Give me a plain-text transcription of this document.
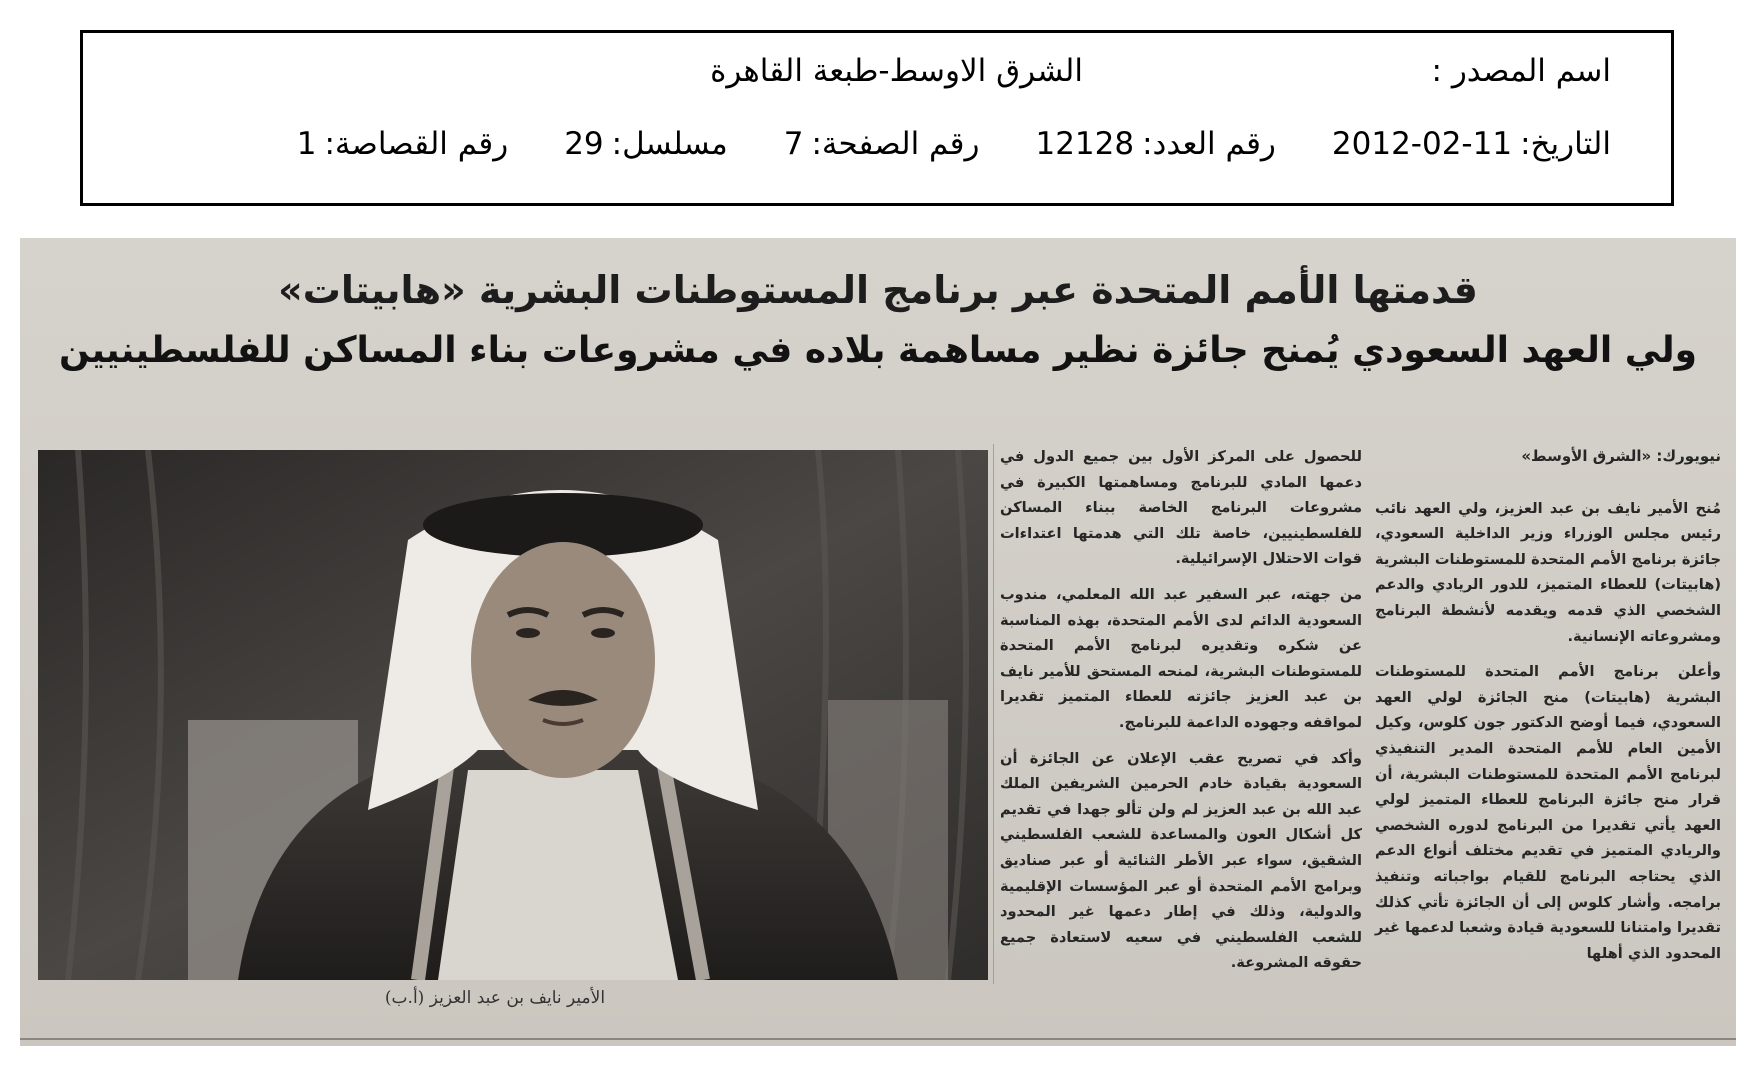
اسم المصدر :
الشرق الاوسط-طبعة القاهرة
التاريخ:
2012-02-11
رقم العدد:
12128
رقم الصفحة:
7
مسلسل:
29
رقم القصاصة:
1
قدمتها الأمم المتحدة عبر برنامج المستوطنات البشرية «هابيتات»
ولي العهد السعودي يُمنح جائزة نظير مساهمة بلاده في مشروعات بناء المساكن للفلسطينيين
الأمير نايف بن عبد العزيز (أ.ب)

نيويورك: «الشرق الأوسط»

مُنح الأمير نايف بن عبد العزيز، ولي العهد نائب رئيس مجلس الوزراء وزير الداخلية السعودي، جائزة برنامج الأمم المتحدة للمستوطنات البشرية (هابيتات) للعطاء المتميز، للدور الريادي والدعم الشخصي الذي قدمه ويقدمه لأنشطة البرنامج ومشروعاته الإنسانية.

وأعلن برنامج الأمم المتحدة للمستوطنات البشرية (هابيتات) منح الجائزة لولي العهد السعودي، فيما أوضح الدكتور جون كلوس، وكيل الأمين العام للأمم المتحدة المدير التنفيذي لبرنامج الأمم المتحدة للمستوطنات البشرية، أن قرار منح جائزة البرنامج للعطاء المتميز لولي العهد يأتي تقديرا من البرنامج لدوره الشخصي والريادي المتميز في تقديم مختلف أنواع الدعم الذي يحتاجه البرنامج للقيام بواجباته وتنفيذ برامجه. وأشار كلوس إلى أن الجائزة تأتي كذلك تقديرا وامتنانا للسعودية قيادة وشعبا لدعمها غير المحدود الذي أهلها

للحصول على المركز الأول بين جميع الدول في دعمها المادي للبرنامج ومساهمتها الكبيرة في مشروعات البرنامج الخاصة ببناء المساكن للفلسطينيين، خاصة تلك التي هدمتها اعتداءات قوات الاحتلال الإسرائيلية.

من جهته، عبر السفير عبد الله المعلمي، مندوب السعودية الدائم لدى الأمم المتحدة، بهذه المناسبة عن شكره وتقديره لبرنامج الأمم المتحدة للمستوطنات البشرية، لمنحه المستحق للأمير نايف بن عبد العزيز جائزته للعطاء المتميز تقديرا لمواقفه وجهوده الداعمة للبرنامج.

وأكد في تصريح عقب الإعلان عن الجائزة أن السعودية بقيادة خادم الحرمين الشريفين الملك عبد الله بن عبد العزيز لم ولن تألو جهدا في تقديم كل أشكال العون والمساعدة للشعب الفلسطيني الشقيق، سواء عبر الأطر الثنائية أو عبر صناديق وبرامج الأمم المتحدة أو عبر المؤسسات الإقليمية والدولية، وذلك في إطار دعمها غير المحدود للشعب الفلسطيني في سعيه لاستعادة جميع حقوقه المشروعة.
